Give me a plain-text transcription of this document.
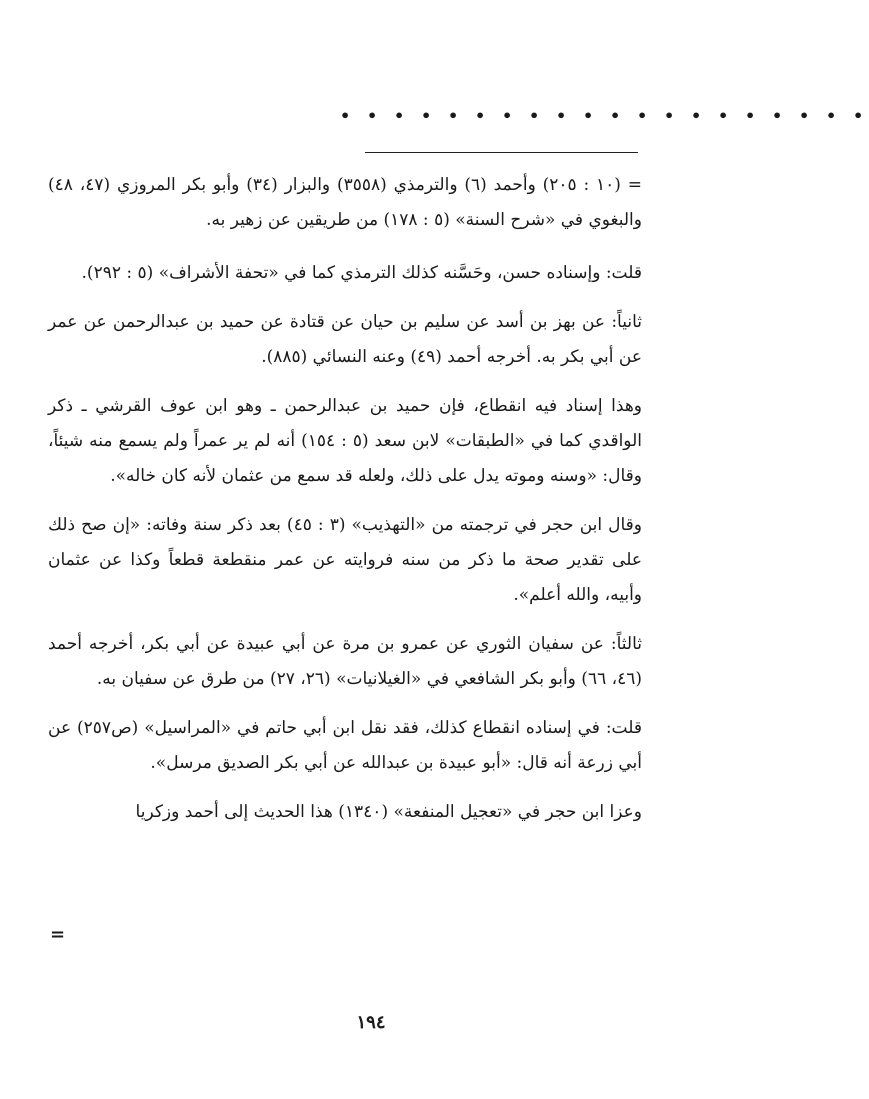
• • • • • • • • • • • • • • • • • • • •

= (١٠ : ٢٠٥) وأحمد (٦) والترمذي (٣٥٥٨) والبزار (٣٤) وأبو بكر المروزي (٤٧، ٤٨) والبغوي في «شرح السنة» (٥ : ١٧٨) من طريقين عن زهير به.

قلت: وإسناده حسن، وحَسَّنه كذلك الترمذي كما في «تحفة الأشراف» (٥ : ٢٩٢).

ثانياً: عن بهز بن أسد عن سليم بن حيان عن قتادة عن حميد بن عبدالرحمن عن عمر عن أبي بكر به. أخرجه أحمد (٤٩) وعنه النسائي (٨٨٥).

وهذا إسناد فيه انقطاع، فإن حميد بن عبدالرحمن ـ وهو ابن عوف القرشي ـ ذكر الواقدي كما في «الطبقات» لابن سعد (٥ : ١٥٤) أنه لم ير عمراً ولم يسمع منه شيئاً، وقال: «وسنه وموته يدل على ذلك، ولعله قد سمع من عثمان لأنه كان خاله».

وقال ابن حجر في ترجمته من «التهذيب» (٣ : ٤٥) بعد ذكر سنة وفاته: «إن صح ذلك على تقدير صحة ما ذكر من سنه فروايته عن عمر منقطعة قطعاً وكذا عن عثمان وأبيه، والله أعلم».

ثالثاً: عن سفيان الثوري عن عمرو بن مرة عن أبي عبيدة عن أبي بكر، أخرجه أحمد (٤٦، ٦٦) وأبو بكر الشافعي في «الغيلانيات» (٢٦، ٢٧) من طرق عن سفيان به.

قلت: في إسناده انقطاع كذلك، فقد نقل ابن أبي حاتم في «المراسيل» (ص٢٥٧) عن أبي زرعة أنه قال: «أبو عبيدة بن عبدالله عن أبي بكر الصديق مرسل».

وعزا ابن حجر في «تعجيل المنفعة» (١٣٤٠) هذا الحديث إلى أحمد وزكريا

=
١٩٤
